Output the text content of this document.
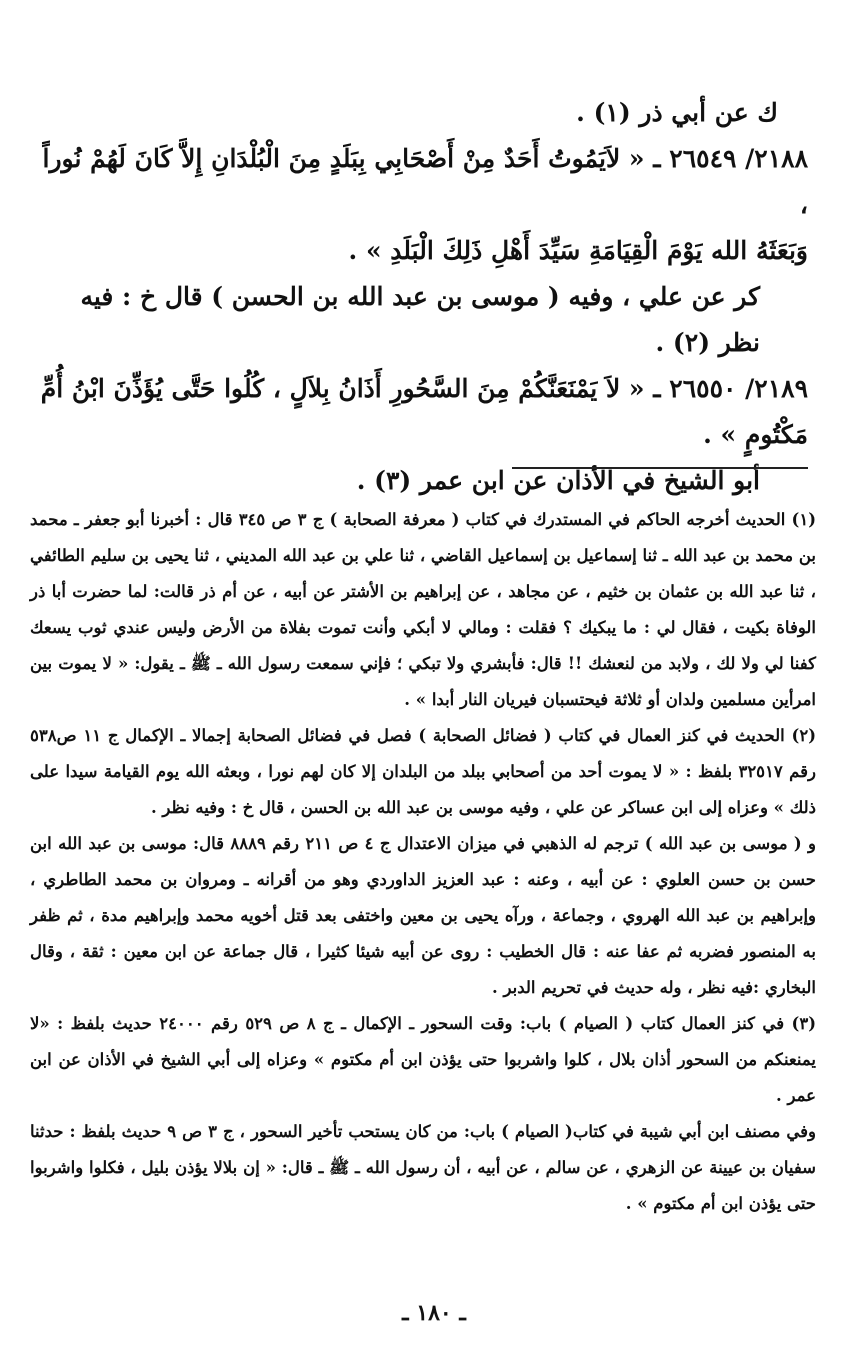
ك عن أبي ذر (١) .

٢١٨٨/ ٢٦٥٤٩ ـ « لاَيَمُوتُ أَحَدٌ مِنْ أَصْحَابِي بِبَلَدٍ مِنَ الْبُلْدَانِ إِلاَّ كَانَ لَهُمْ نُوراً ،

وَبَعَثَهُ الله يَوْمَ الْقِيَامَةِ سَيِّدَ أَهْلِ ذَلِكَ الْبَلَدِ » .

كر عن علي ، وفيه ( موسى بن عبد الله بن الحسن ) قال خ : فيه نظر (٢) .

٢١٨٩/ ٢٦٥٥٠ ـ « لاَ يَمْنَعَنَّكُمْ مِنَ السَّحُورِ أَذَانُ بِلاَلٍ ، كُلُوا حَتَّى يُؤَذِّنَ ابْنُ أُمِّ

مَكْتُومٍ » .

أبو الشيخ في الأذان عن ابن عمر (٣) .

(١) الحديث أخرجه الحاكم في المستدرك في كتاب ( معرفة الصحابة ) ج ٣ ص ٣٤٥ قال : أخبرنا أبو جعفر ـ محمد بن محمد بن عبد الله ـ ثنا إسماعيل بن إسماعيل القاضي ، ثنا علي بن عبد الله المديني ، ثنا يحيى بن سليم الطائفي ، ثنا عبد الله بن عثمان بن خثيم ، عن مجاهد ، عن إبراهيم بن الأشتر عن أبيه ، عن أم ذر قالت: لما حضرت أبا ذر الوفاة بكيت ، فقال لي : ما يبكيك ؟ فقلت : ومالي لا أبكي وأنت تموت بفلاة من الأرض وليس عندي ثوب يسعك كفنا لي ولا لك ، ولابد من لنعشك !! قال: فأبشري ولا تبكي ؛ فإني سمعت رسول الله ـ ﷺ ـ يقول: « لا يموت بين امرأين مسلمين ولدان أو ثلاثة فيحتسبان فيريان النار أبدا » .

(٢) الحديث في كنز العمال في كتاب ( فضائل الصحابة ) فصل في فضائل الصحابة إجمالا ـ الإكمال ج ١١ ص٥٣٨ رقم ٣٢٥١٧ بلفظ : « لا يموت أحد من أصحابي ببلد من البلدان إلا كان لهم نورا ، وبعثه الله يوم القيامة سيدا على ذلك » وعزاه إلى ابن عساكر عن علي ، وفيه موسى بن عبد الله بن الحسن ، قال خ : وفيه نظر .

و ( موسى بن عبد الله ) ترجم له الذهبي في ميزان الاعتدال ج ٤ ص ٢١١ رقم ٨٨٨٩ قال: موسى بن عبد الله ابن حسن بن حسن العلوي : عن أبيه ، وعنه : عبد العزيز الداوردي وهو من أقرانه ـ ومروان بن محمد الطاطري ، وإبراهيم بن عبد الله الهروي ، وجماعة ، ورآه يحيى بن معين واختفى بعد قتل أخويه محمد وإبراهيم مدة ، ثم ظفر به المنصور فضربه ثم عفا عنه : قال الخطيب : روى عن أبيه شيئا كثيرا ، قال جماعة عن ابن معين : ثقة ، وقال البخاري :فيه نظر ، وله حديث في تحريم الدبر .

(٣) في كنز العمال كتاب ( الصيام ) باب: وقت السحور ـ الإكمال ـ ج ٨ ص ٥٢٩ رقم ٢٤٠٠٠ حديث بلفظ : «لا يمنعنكم من السحور أذان بلال ، كلوا واشربوا حتى يؤذن ابن أم مكتوم » وعزاه إلى أبي الشيخ في الأذان عن ابن عمر .

وفي مصنف ابن أبي شيبة في كتاب( الصيام ) باب: من كان يستحب تأخير السحور ، ج ٣ ص ٩ حديث بلفظ : حدثنا سفيان بن عيينة عن الزهري ، عن سالم ، عن أبيه ، أن رسول الله ـ ﷺ ـ قال: « إن بلالا يؤذن بليل ، فكلوا واشربوا حتى يؤذن ابن أم مكتوم » .

ـ ١٨٠ ـ
